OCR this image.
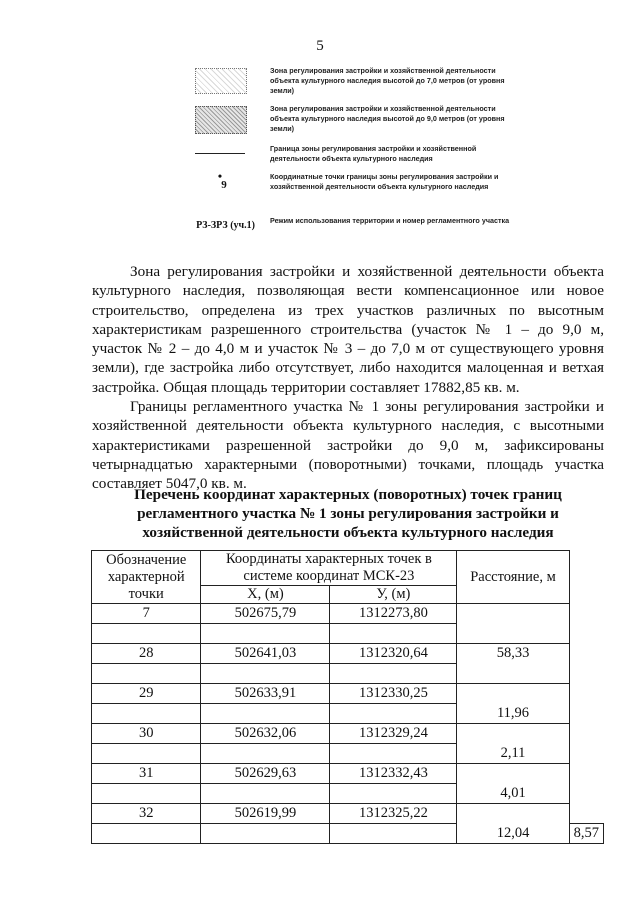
5
Зона регулирования застройки и хозяйственной деятельности объекта культурного наследия высотой до 7,0 метров (от уровня земли)
Зона регулирования застройки и хозяйственной деятельности объекта культурного наследия высотой до 9,0 метров (от уровня земли)
Граница зоны регулирования застройки и хозяйственной деятельности объекта культурного наследия
•
9
Координатные точки границы зоны регулирования застройки и хозяйственной деятельности объекта культурного наследия
РЗ-ЗРЗ (уч.1) Режим использования территории и номер регламентного участка

Зона регулирования застройки и хозяйственной деятельности объекта культурного наследия, позволяющая вести компенсационное или новое строительство, определена из трех участков различных по высотным характеристикам разрешенного строительства (участок № 1 – до 9,0 м, участок № 2 – до 4,0 м и участок № 3 – до 7,0 м от существующего уровня земли), где застройка либо отсутствует, либо находится малоценная и ветхая застройка. Общая площадь территории составляет 17882,85 кв. м.

Границы регламентного участка № 1 зоны регулирования застройки и хозяйственной деятельности объекта культурного наследия, с высотными характеристиками разрешенной застройки до 9,0 м, зафиксированы четырнадцатью характерными (поворотными) точками, площадь участка составляет 5047,0 кв. м.

Перечень координат характерных (поворотных) точек границ регламентного участка № 1 зоны регулирования застройки и хозяйственной деятельности объекта культурного наследия
Обозначение характерной точки	Координаты характерных точек в системе координат МСК-23		Расстояние, м	
	X, (м)	У, (м)		
7	502675,79	1312273,80		

28	502641,03	1312320,64	58,33	

29	502633,91	1312330,25	11,96	

30	502632,06	1312329,24	2,11	

31	502629,63	1312332,43	4,01	

32	502619,99	1312325,22	12,04	
				8,57
